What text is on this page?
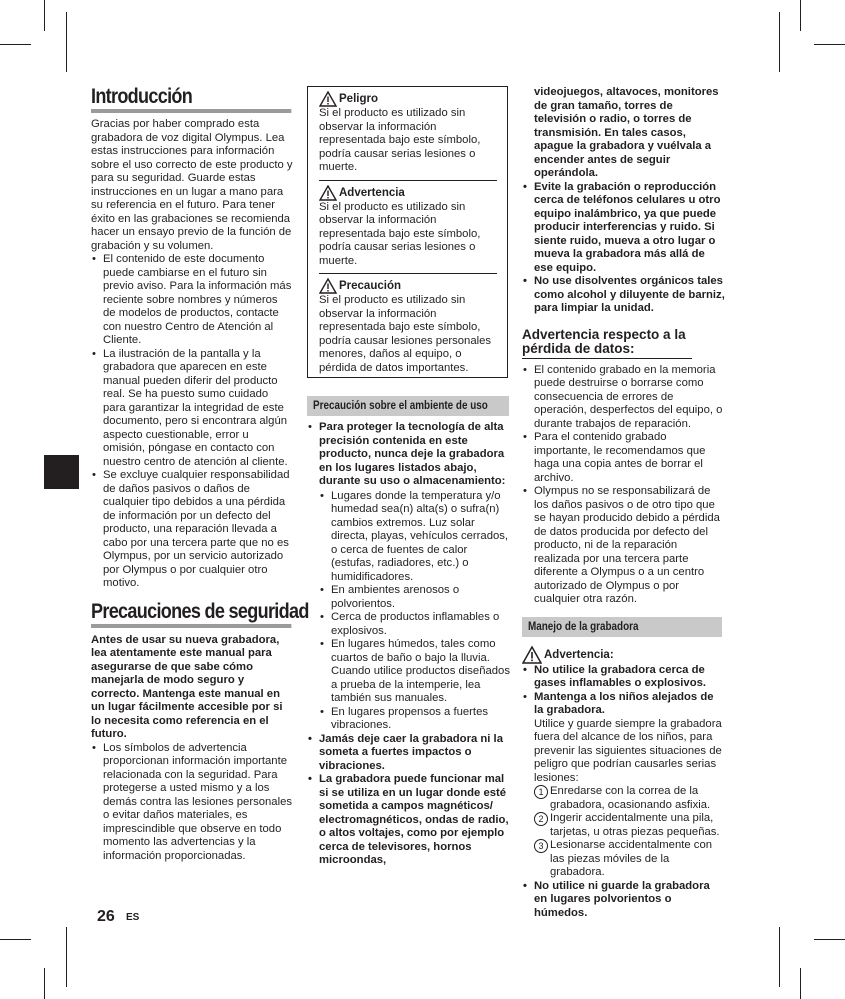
Introducción

Gracias por haber comprado esta grabadora de voz digital Olympus. Lea estas instrucciones para información sobre el uso correcto de este producto y para su seguridad. Guarde estas instrucciones en un lugar a mano para su referencia en el futuro. Para tener éxito en las grabaciones se recomienda hacer un ensayo previo de la función de grabación y su volumen.

• El contenido de este documento puede cambiarse en el futuro sin previo aviso. Para la información más reciente sobre nombres y números de modelos de productos, contacte con nuestro Centro de Atención al Cliente.
• La ilustración de la pantalla y la grabadora que aparecen en este manual pueden diferir del producto real. Se ha puesto sumo cuidado para garantizar la integridad de este documento, pero si encontrara algún aspecto cuestionable, error u omisión, póngase en contacto con nuestro centro de atención al cliente.
• Se excluye cualquier responsabilidad de daños pasivos o daños de cualquier tipo debidos a una pérdida de información por un defecto del producto, una reparación llevada a cabo por una tercera parte que no es Olympus, por un servicio autorizado por Olympus o por cualquier otro motivo.
Precauciones de seguridad

Antes de usar su nueva grabadora, lea atentamente este manual para asegurarse de que sabe cómo manejarla de modo seguro y correcto. Mantenga este manual en un lugar fácilmente accesible por si lo necesita como referencia en el futuro.

• Los símbolos de advertencia proporcionan información importante relacionada con la seguridad. Para protegerse a usted mismo y a los demás contra las lesiones personales o evitar daños materiales, es imprescindible que observe en todo momento las advertencias y la información proporcionadas.
Peligro

Si el producto es utilizado sin observar la información representada bajo este símbolo, podría causar serias lesiones o muerte.

Advertencia

Si el producto es utilizado sin observar la información representada bajo este símbolo, podría causar serias lesiones o muerte.

Precaución

Si el producto es utilizado sin observar la información representada bajo este símbolo, podría causar lesiones personales menores, daños al equipo, o pérdida de datos importantes.

Precaución sobre el ambiente de uso
• Para proteger la tecnología de alta precisión contenida en este producto, nunca deje la grabadora en los lugares listados abajo, durante su uso o almacenamiento:
• Lugares donde la temperatura y/o humedad sea(n) alta(s) o sufra(n) cambios extremos. Luz solar directa, playas, vehículos cerrados, o cerca de fuentes de calor (estufas, radiadores, etc.) o humidificadores.
• En ambientes arenosos o polvorientos.
• Cerca de productos inflamables o explosivos.
• En lugares húmedos, tales como cuartos de baño o bajo la lluvia. Cuando utilice productos diseñados a prueba de la intemperie, lea también sus manuales.
• En lugares propensos a fuertes vibraciones.
• Jamás deje caer la grabadora ni la someta a fuertes impactos o vibraciones.
• La grabadora puede funcionar mal si se utiliza en un lugar donde esté sometida a campos magnéticos/ electromagnéticos, ondas de radio, o altos voltajes, como por ejemplo cerca de televisores, hornos microondas,

videojuegos, altavoces, monitores de gran tamaño, torres de televisión o radio, o torres de transmisión. En tales casos, apague la grabadora y vuélvala a encender antes de seguir operándola.

• Evite la grabación o reproducción cerca de teléfonos celulares u otro equipo inalámbrico, ya que puede producir interferencias y ruido. Si siente ruido, mueva a otro lugar o mueva la grabadora más allá de ese equipo.
• No use disolventes orgánicos tales como alcohol y diluyente de barniz, para limpiar la unidad.
Advertencia respecto a la pérdida de datos:
• El contenido grabado en la memoria puede destruirse o borrarse como consecuencia de errores de operación, desperfectos del equipo, o durante trabajos de reparación.
• Para el contenido grabado importante, le recomendamos que haga una copia antes de borrar el archivo.
• Olympus no se responsabilizará de los daños pasivos o de otro tipo que se hayan producido debido a pérdida de datos producida por defecto del producto, ni de la reparación realizada por una tercera parte diferente a Olympus o a un centro autorizado de Olympus o por cualquier otra razón.
Manejo de la grabadora
Advertencia:
• No utilice la grabadora cerca de gases inflamables o explosivos.
• Mantenga a los niños alejados de la grabadora.
Utilice y guarde siempre la grabadora fuera del alcance de los niños, para prevenir las siguientes situaciones de peligro que podrían causarles serias lesiones:
1 Enredarse con la correa de la grabadora, ocasionando asfixia.
2 Ingerir accidentalmente una pila, tarjetas, u otras piezas pequeñas.
3 Lesionarse accidentalmente con las piezas móviles de la grabadora.
• No utilice ni guarde la grabadora en lugares polvorientos o húmedos.
26 ES
